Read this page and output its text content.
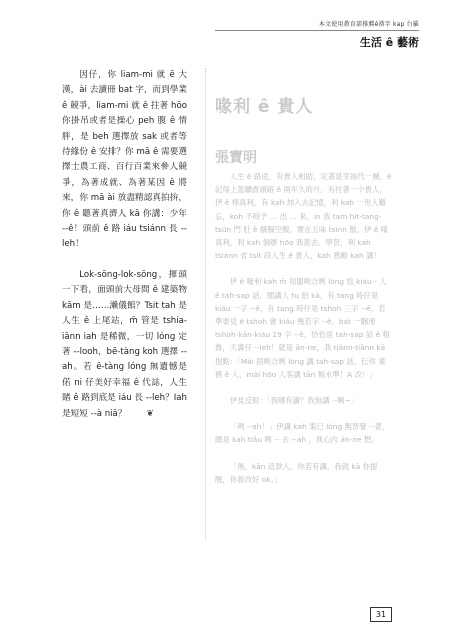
本文使用教育部推薦ê漢字 kap 台羅
生活 ê 藝術

因仔，你 liam-mi 就 ê 大漢，ài 去讀冊 bat 字，而到學業 ê 競爭，liam-mi 就 ê 拄著 hōo 你掛吊或者是操心 peh 腹 ê 情胖，是 beh 選擇放 sak 或者等待緣份 ê 安排？你 mā ê 需要選擇士農工商、百行百業來參人競爭，為著成就、為著某因 ê 將來，你 mā ài 放盡精認真拍拚，你 ê 聽著真濟人 kā 你講：少年 --ê！頭前 ê 路 iáu tsiánn 長 --leh！

Lok-sōng-lok-sōng，揮頭一下看，面頭前大母間 ê 建築物 kām 是……瀨儀館？Tsit tah 是人生 ê 上尾站，m̄ 管是 tshia-iānn iah 是稀微，一切 lóng 定著 --looh，bē-tàng koh 選擇 --ah。若 ē-tàng lóng 無遺憾是偌 ni 仔美好幸福 ê 代誌，人生賭 ê 路到底是 iáu 長 --leh？Iah 是短短 --à niā？ ❦

喙利 ê 貴人
張寶明

人生 ê 路途，有貴人相助，定著是幸福代一層，ê 記得上蓋驕貴頭路 ê 兩年久的月，有拄著一个貴人，伊 ê 棒真利，有 kah 加入去記憶，利 kah 一世人難忘，koh 不時予 … 出 … 來，in 我 tam hit-tang-tsūn 門 肚 ê 餓腸空腹，實在五味 tsìnn 散。伊 ê 喙真利，利 kah 個辦 hōo 我蓋去、學習，利 kah tsiánn 省 tsit 段人生 ê 貴人，kah 感動 kah 講！

伊 ê 喙利 kah m̄ 知閣咧合咧 lóng 尬 kiáu-- 人 ê tah-sap 話，閣講人 tu 拍 kā，有 tang 時仔是 kiáu 一字 --ê，有 tang 時仔是 tshoh 三字 --ê，若準要見 ê tshoh 會 kiáu 幾若字 --ê，bat 一睏連 tshoh-kān-kiáu 19 字 --ê，恰恰是 tah-sap 話 ê 粗魯，天壽仔 --leh！就是 ān-ne，我 tiānn-tiānn kā 提點：「Mài 固咧合咧 lóng 講 tah-sap 話，伝你 業務 ê 人，mài hōo 人客講 tān 無水準！A 改！」

伊見反駁：「我哪有講？我無講 --啊~」

「咧 --ah！」伊講 kah 案已 lóng 無智覺 --著，總是 kah tiâu 咧 -- 去 --ah ，我心內 ān-ne 想。

「無，kān 這款人，你若有講，我就 kā 你提醒，你着改好 ok。」

31
